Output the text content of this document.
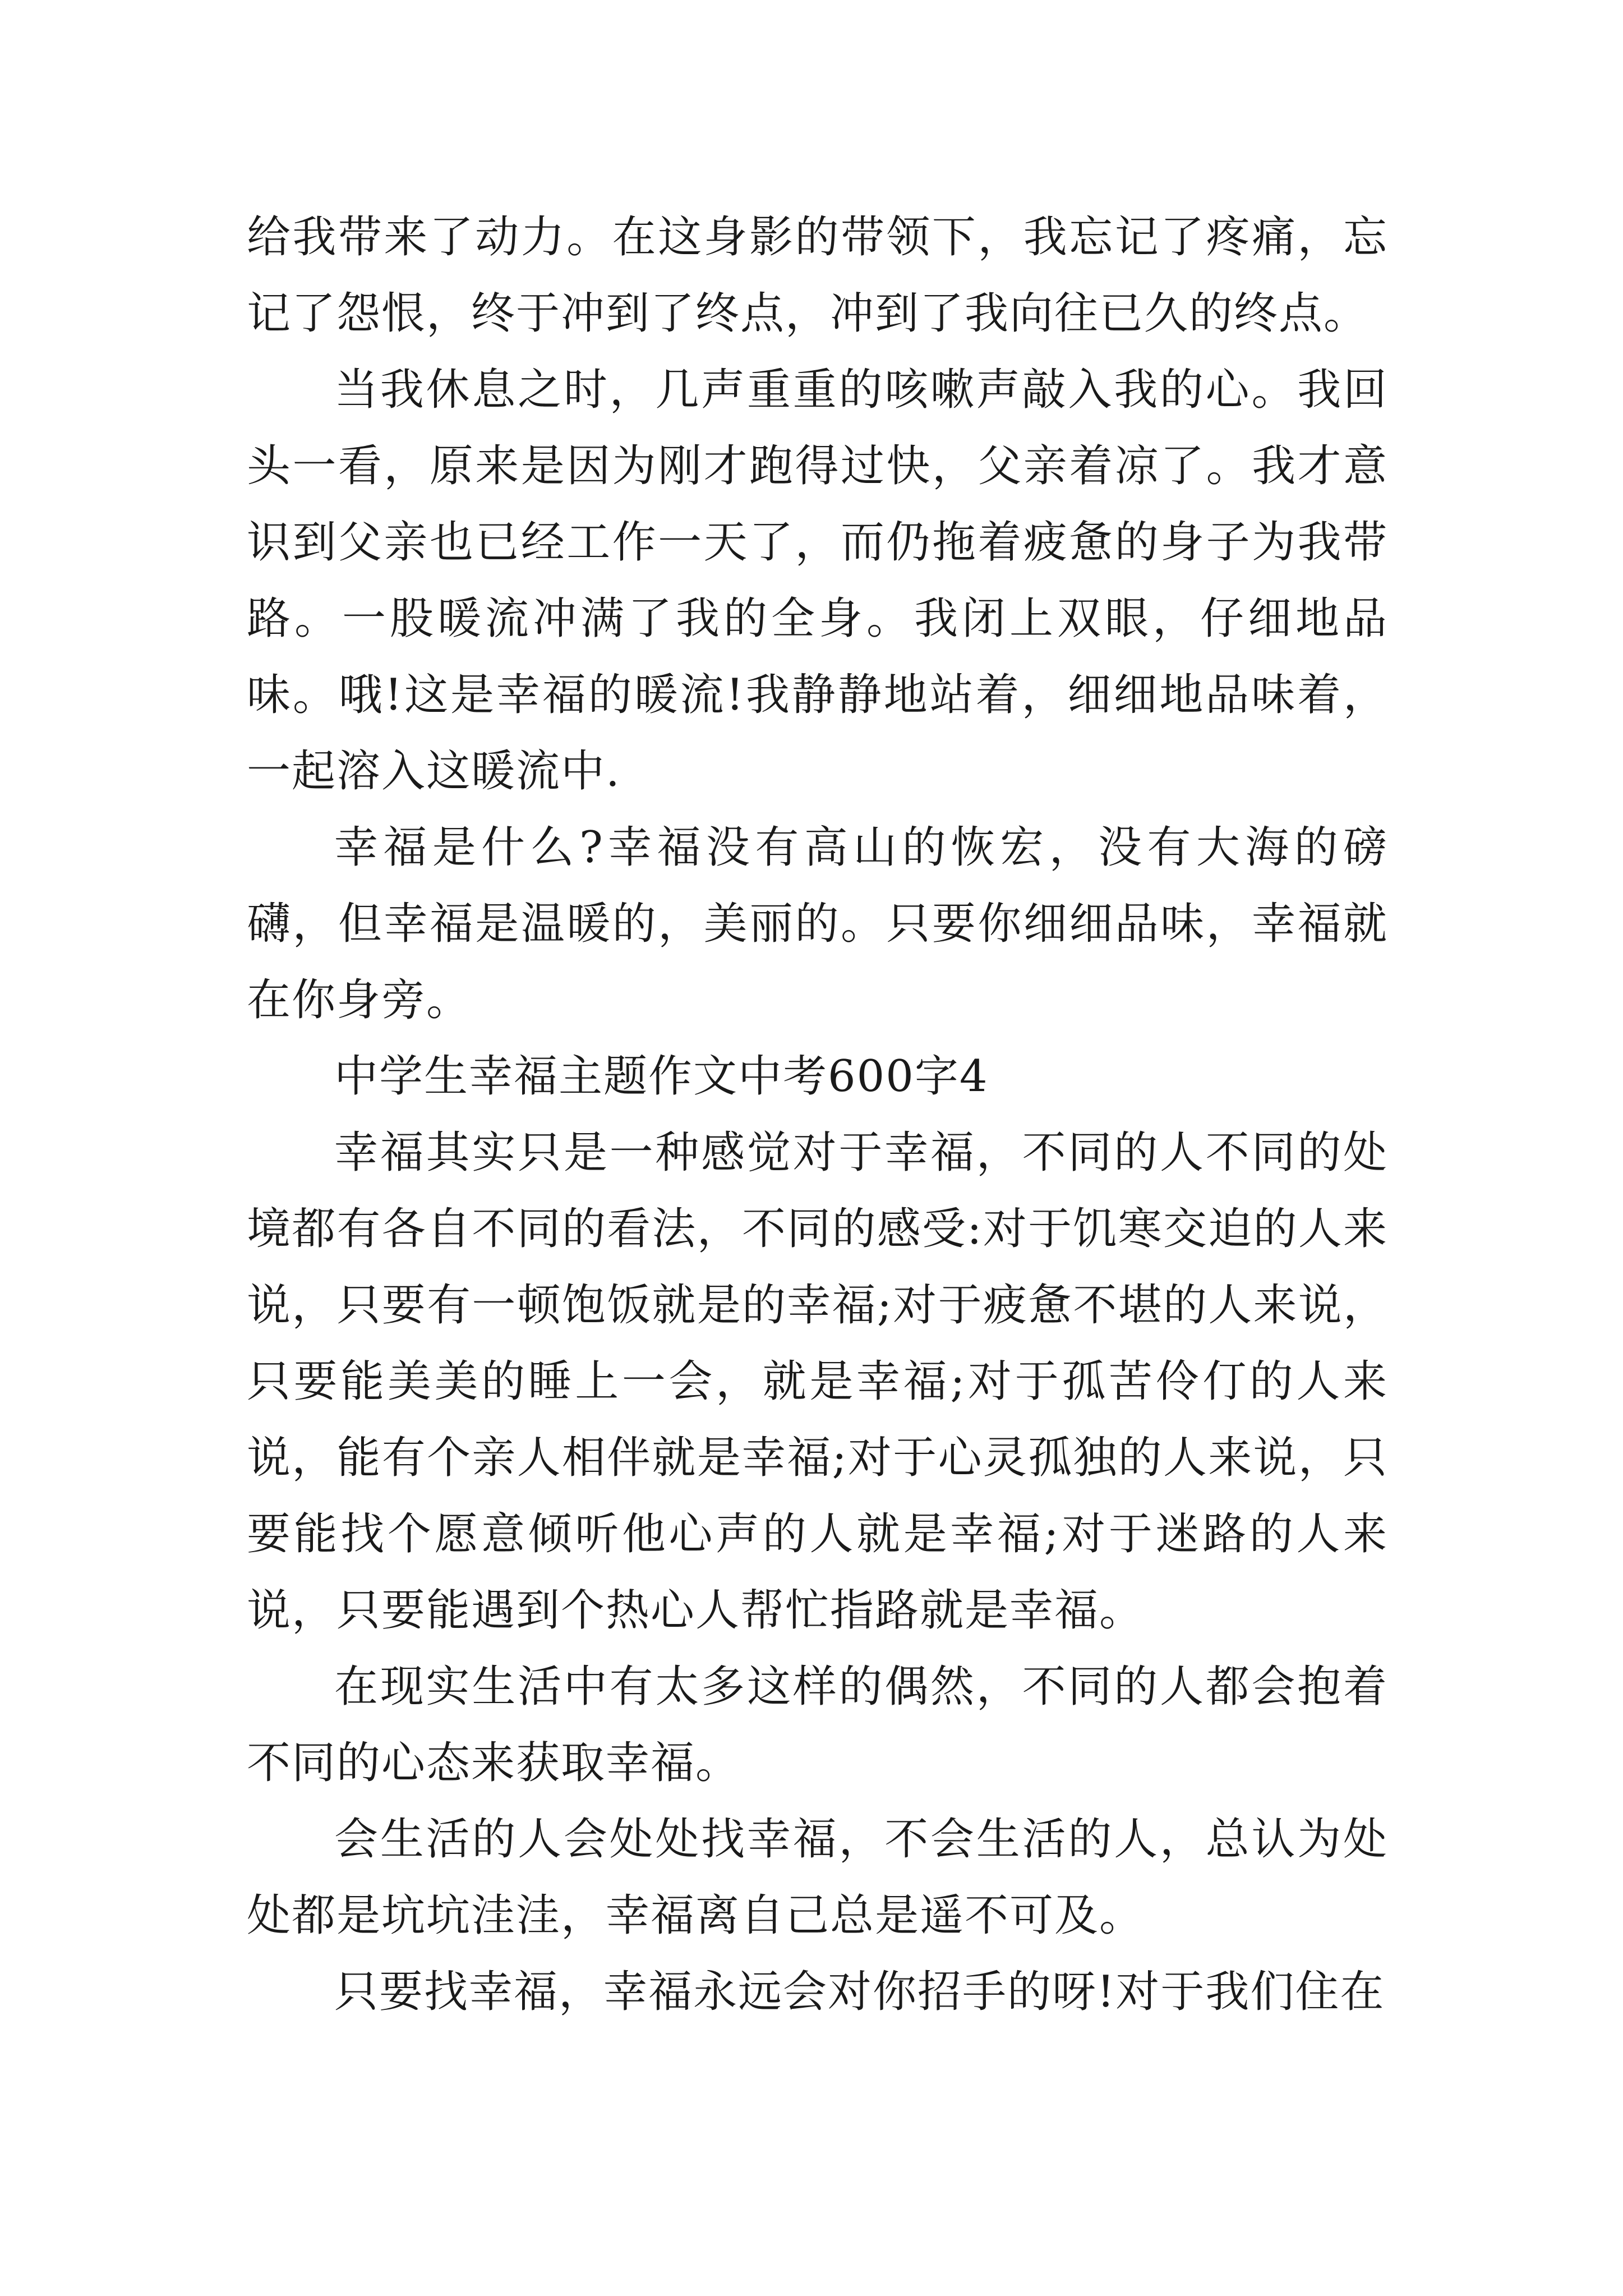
给我带来了动力。在这身影的带领下，我忘记了疼痛，忘记了怨恨，终于冲到了终点，冲到了我向往已久的终点。

当我休息之时，几声重重的咳嗽声敲入我的心。我回头一看，原来是因为刚才跑得过快，父亲着凉了。我才意识到父亲也已经工作一天了，而仍拖着疲惫的身子为我带路。一股暖流冲满了我的全身。我闭上双眼，仔细地品味。哦!这是幸福的暖流!我静静地站着，细细地品味着，一起溶入这暖流中.

幸福是什么?幸福没有高山的恢宏，没有大海的磅礴，但幸福是温暖的，美丽的。只要你细细品味，幸福就在你身旁。

中学生幸福主题作文中考600字4

幸福其实只是一种感觉对于幸福，不同的人不同的处境都有各自不同的看法，不同的感受:对于饥寒交迫的人来说，只要有一顿饱饭就是的幸福;对于疲惫不堪的人来说，只要能美美的睡上一会，就是幸福;对于孤苦伶仃的人来说，能有个亲人相伴就是幸福;对于心灵孤独的人来说，只要能找个愿意倾听他心声的人就是幸福;对于迷路的人来说，只要能遇到个热心人帮忙指路就是幸福。

在现实生活中有太多这样的偶然，不同的人都会抱着不同的心态来获取幸福。

会生活的人会处处找幸福，不会生活的人，总认为处处都是坑坑洼洼，幸福离自己总是遥不可及。

只要找幸福，幸福永远会对你招手的呀!对于我们住在
